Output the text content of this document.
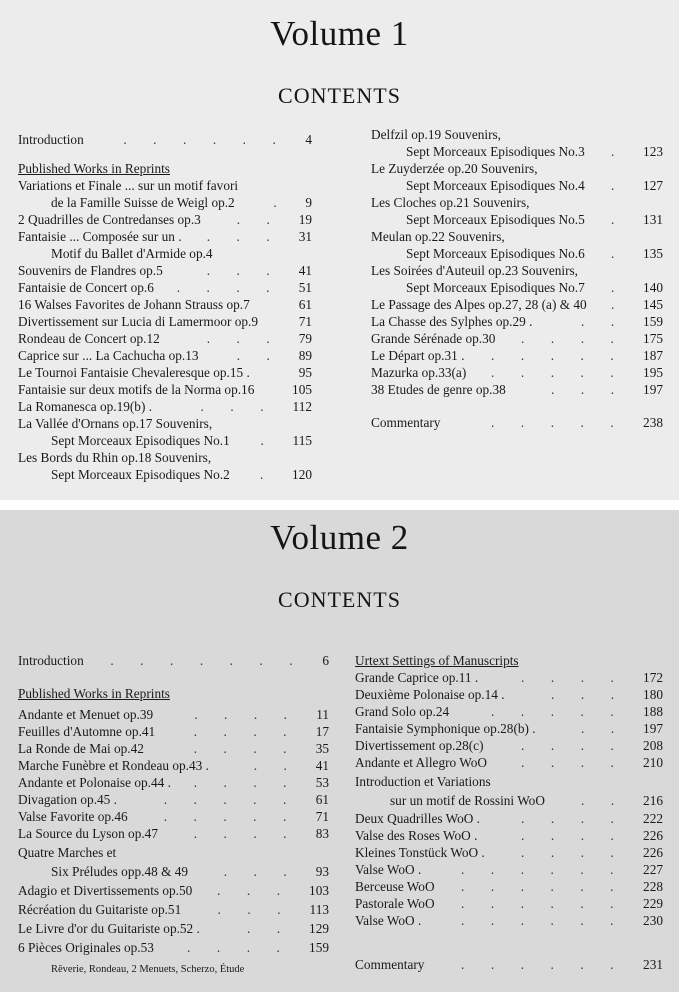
Volume 1
CONTENTS
Introduction	4
......
Published Works in Reprints
Variations et Finale ... sur un motif favori
de la Famille Suisse de Weigl op.2	9
.
2 Quadrilles de Contredanses op.3	19
..
Fantaisie ... Composée sur un .	31
...
Motif du Ballet d'Armide op.4
Souvenirs de Flandres op.5	41
...
Fantaisie de Concert op.6	51
....
16 Walses Favorites de Johann Strauss op.7	61
Divertissement sur Lucia di Lamermoor op.9	71
Rondeau de Concert op.12	79
...
Caprice sur ... La Cachucha op.13	89
..
Le Tournoi Fantaisie Chevaleresque op.15 .	95
Fantaisie sur deux motifs de la Norma op.16	105
La Romanesca op.19(b) .	112
...
La Vallée d'Ornans op.17 Souvenirs,
Sept Morceaux Episodiques No.1	115
.
Les Bords du Rhin op.18 Souvenirs,
Sept Morceaux Episodiques No.2	120
.
Delfzil op.19 Souvenirs,
Sept Morceaux Episodiques No.3	123
.
Le Zuyderzée op.20 Souvenirs,
Sept Morceaux Episodiques No.4	127
.
Les Cloches op.21 Souvenirs,
Sept Morceaux Episodiques No.5	131
.
Meulan op.22 Souvenirs,
Sept Morceaux Episodiques No.6	135
.
Les Soirées d'Auteuil op.23 Souvenirs,
Sept Morceaux Episodiques No.7	140
.
Le Passage des Alpes op.27, 28 (a) & 40	145
.
La Chasse des Sylphes op.29 .	159
..
Grande Sérénade op.30	175
....
Le Départ op.31 .	187
.....
Mazurka op.33(a)	195
.....
38 Etudes de genre op.38	197
...
Commentary	238
.....
Volume 2
CONTENTS
Introduction	6
.......
Published Works in Reprints
Andante et Menuet op.39	11
....
Feuilles d'Automne op.41	17
....
La Ronde de Mai op.42	35
....
Marche Funèbre et Rondeau op.43 .	41
..
Andante et Polonaise op.44 .	53
....
Divagation op.45 .	61
.....
Valse Favorite op.46	71
.....
La Source du Lyson op.47	83
....
Quatre Marches et
Six Préludes opp.48 & 49	93
...
Adagio et Divertissements op.50	103
...
Récréation du Guitariste op.51	113
...
Le Livre d'or du Guitariste op.52 .	129
..
6 Pièces Originales op.53	159
....
Rêverie, Rondeau, 2 Menuets, Scherzo, Étude
Urtext Settings of Manuscripts
Grande Caprice op.11 .	172
....
Deuxième Polonaise op.14 .	180
...
Grand Solo op.24	188
.....
Fantaisie Symphonique op.28(b) .	197
..
Divertissement op.28(c)	208
....
Andante et Allegro WoO	210
....
Introduction et Variations
sur un motif de Rossini WoO	216
..
Deux Quadrilles WoO .	222
....
Valse des Roses WoO .	226
....
Kleines Tonstück WoO .	226
....
Valse WoO .	227
......
Berceuse WoO	228
......
Pastorale WoO	229
......
Valse WoO .	230
......
Commentary	231
......
